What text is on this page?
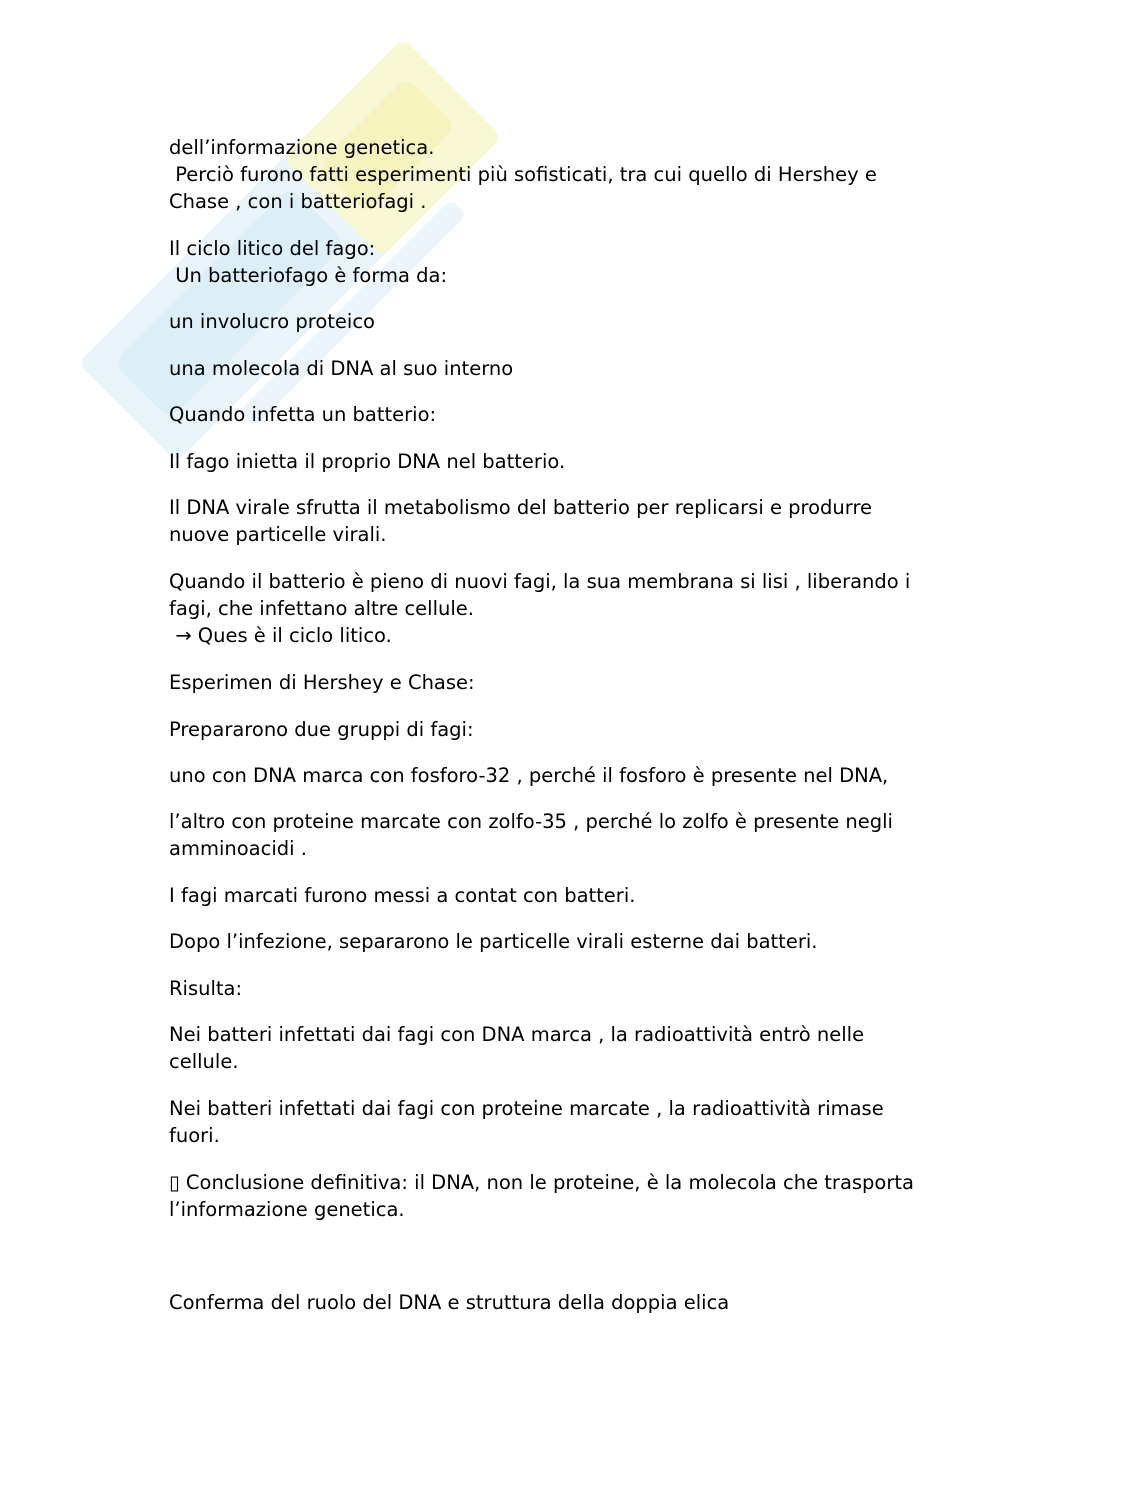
dell’informazione genetica.
Perciò furono fatti esperimenti più sofisticati, tra cui quello di Hershey e
Chase , con i batteriofagi .
Il ciclo litico del fago:
Un batteriofago è forma da:
un involucro proteico
una molecola di DNA al suo interno
Quando infetta un batterio:
Il fago inietta il proprio DNA nel batterio.
Il DNA virale sfrutta il metabolismo del batterio per replicarsi e produrre
nuove particelle virali.
Quando il batterio è pieno di nuovi fagi, la sua membrana si lisi , liberando i
fagi, che infettano altre cellule.
→ Ques è il ciclo litico.
Esperimen di Hershey e Chase:
Prepararono due gruppi di fagi:
uno con DNA marca con fosforo-32 , perché il fosforo è presente nel DNA,
l’altro con proteine marcate con zolfo-35 , perché lo zolfo è presente negli
amminoacidi .
I fagi marcati furono messi a contat con batteri.
Dopo l’infezione, separarono le particelle virali esterne dai batteri.
Risulta:
Nei batteri infettati dai fagi con DNA marca , la radioattività entrò nelle
cellule.
Nei batteri infettati dai fagi con proteine marcate , la radioattività rimase
fuori.
▯ Conclusione definitiva: il DNA, non le proteine, è la molecola che trasporta
l’informazione genetica.
Conferma del ruolo del DNA e struttura della doppia elica
